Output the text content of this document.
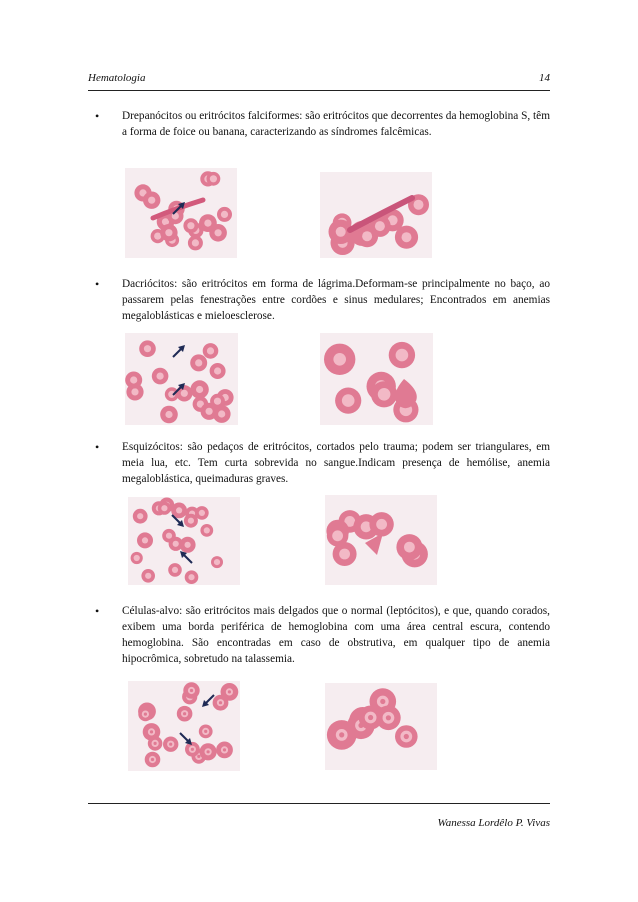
Hematologia	14
• Drepanócitos ou eritrócitos falciformes: são eritrócitos que decorrentes da hemoglobina S, têm a forma de foice ou banana, caracterizando as síndromes falcêmicas.
• Dacriócitos: são eritrócitos em forma de lágrima.Deformam-se principalmente no baço, ao passarem pelas fenestrações entre cordões e sinus medulares; Encontrados em anemias megaloblásticas e mieloesclerose.
• Esquizócitos: são pedaços de eritrócitos, cortados pelo trauma; podem ser triangulares, em meia lua, etc. Tem curta sobrevida no sangue.Indicam presença de hemólise, anemia megaloblástica, queimaduras graves.
• Células-alvo: são eritrócitos mais delgados que o normal (leptócitos), e que, quando corados, exibem uma borda periférica de hemoglobina com uma área central escura, contendo hemoglobina. São encontradas em caso de obstrutiva, em qualquer tipo de anemia hipocrômica, sobretudo na talassemia.
Wanessa Lordêlo P. Vivas
